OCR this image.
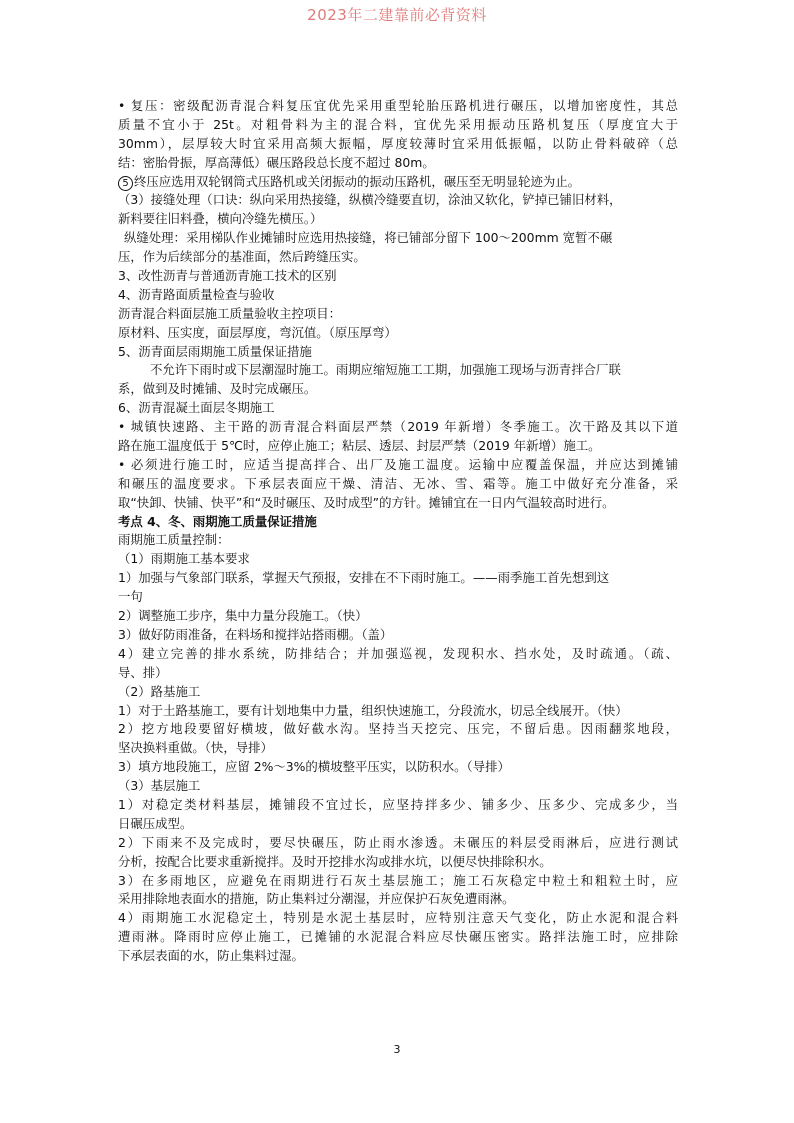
2023年二建靠前必背资料
• 复压：密级配沥青混合料复压宜优先采用重型轮胎压路机进行碾压，以增加密度性，其总
质量不宜小于 25t。对粗骨料为主的混合料，宜优先采用振动压路机复压（厚度宜大于
30mm），层厚较大时宜采用高频大振幅，厚度较薄时宜采用低振幅，以防止骨料破碎（总
结：密胎骨振，厚高薄低）碾压路段总长度不超过 80m。
5 终压应选用双轮钢筒式压路机或关闭振动的振动压路机，碾压至无明显轮迹为止。
（3）接缝处理（口诀：纵向采用热接缝，纵横冷缝要直切，涂油又软化，铲掉已铺旧材料，
新料要往旧料叠，横向冷缝先横压。）
纵缝处理：采用梯队作业摊铺时应选用热接缝，将已铺部分留下 100～200mm 宽暂不碾
压，作为后续部分的基准面，然后跨缝压实。
3、改性沥青与普通沥青施工技术的区别
4、沥青路面质量检查与验收
沥青混合料面层施工质量验收主控项目：
原材料、压实度，面层厚度，弯沉值。（原压厚弯）
5、沥青面层雨期施工质量保证措施
不允许下雨时或下层潮湿时施工。雨期应缩短施工工期，加强施工现场与沥青拌合厂联
系，做到及时摊铺、及时完成碾压。
6、沥青混凝土面层冬期施工
• 城镇快速路、主干路的沥青混合料面层严禁（2019 年新增）冬季施工。次干路及其以下道
路在施工温度低于 5℃时，应停止施工；粘层、透层、封层严禁（2019 年新增）施工。
• 必须进行施工时，应适当提高拌合、出厂及施工温度。运输中应覆盖保温，并应达到摊铺
和碾压的温度要求。下承层表面应干燥、清洁、无冰、雪、霜等。施工中做好充分准备，采
取“快卸、快铺、快平”和“及时碾压、及时成型”的方针。摊铺宜在一日内气温较高时进行。
考点 4、冬、雨期施工质量保证措施
雨期施工质量控制：
（1）雨期施工基本要求
1）加强与气象部门联系，掌握天气预报，安排在不下雨时施工。——雨季施工首先想到这
一句
2）调整施工步序，集中力量分段施工。（快）
3）做好防雨准备，在料场和搅拌站搭雨棚。（盖）
4）建立完善的排水系统，防排结合；并加强巡视，发现积水、挡水处，及时疏通。（疏、
导、排）
（2）路基施工
1）对于土路基施工，要有计划地集中力量，组织快速施工，分段流水，切忌全线展开。（快）
2）挖方地段要留好横坡，做好截水沟。坚持当天挖完、压完，不留后患。因雨翻浆地段，
坚决换料重做。（快，导排）
3）填方地段施工，应留 2%～3%的横坡整平压实，以防积水。（导排）
（3）基层施工
1）对稳定类材料基层，摊铺段不宜过长，应坚持拌多少、铺多少、压多少、完成多少，当
日碾压成型。
2）下雨来不及完成时，要尽快碾压，防止雨水渗透。未碾压的料层受雨淋后，应进行测试
分析，按配合比要求重新搅拌。及时开挖排水沟或排水坑，以便尽快排除积水。
3）在多雨地区，应避免在雨期进行石灰土基层施工；施工石灰稳定中粒土和粗粒土时，应
采用排除地表面水的措施，防止集料过分潮湿，并应保护石灰免遭雨淋。
4）雨期施工水泥稳定土，特别是水泥土基层时，应特别注意天气变化，防止水泥和混合料
遭雨淋。降雨时应停止施工，已摊铺的水泥混合料应尽快碾压密实。路拌法施工时，应排除
下承层表面的水，防止集料过湿。
3
